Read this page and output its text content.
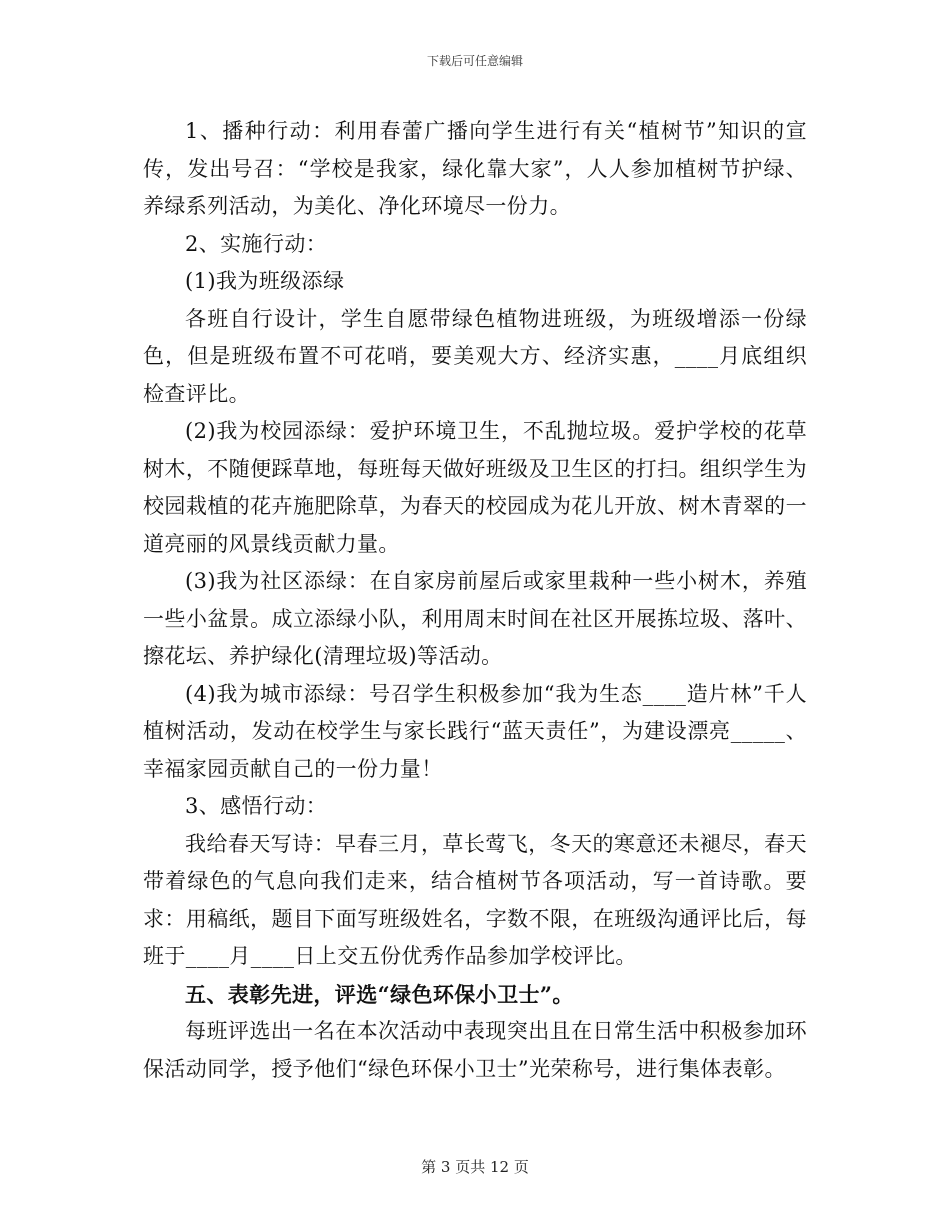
下载后可任意编辑

1、播种行动：利用春蕾广播向学生进行有关“植树节”知识的宣传，发出号召：“学校是我家，绿化靠大家”，人人参加植树节护绿、养绿系列活动，为美化、净化环境尽一份力。

2、实施行动：

(1)我为班级添绿

各班自行设计，学生自愿带绿色植物进班级，为班级增添一份绿色，但是班级布置不可花哨，要美观大方、经济实惠，____月底组织检查评比。

(2)我为校园添绿：爱护环境卫生，不乱抛垃圾。爱护学校的花草树木，不随便踩草地，每班每天做好班级及卫生区的打扫。组织学生为校园栽植的花卉施肥除草，为春天的校园成为花儿开放、树木青翠的一道亮丽的风景线贡献力量。

(3)我为社区添绿：在自家房前屋后或家里栽种一些小树木，养殖一些小盆景。成立添绿小队，利用周末时间在社区开展拣垃圾、落叶、擦花坛、养护绿化(清理垃圾)等活动。

(4)我为城市添绿：号召学生积极参加“我为生态____造片林”千人植树活动，发动在校学生与家长践行“蓝天责任”，为建设漂亮_____、幸福家园贡献自己的一份力量！

3、感悟行动：

我给春天写诗：早春三月，草长莺飞，冬天的寒意还未褪尽，春天带着绿色的气息向我们走来，结合植树节各项活动，写一首诗歌。要求：用稿纸，题目下面写班级姓名，字数不限，在班级沟通评比后，每班于____月____日上交五份优秀作品参加学校评比。

五、表彰先进，评选“绿色环保小卫士”。

每班评选出一名在本次活动中表现突出且在日常生活中积极参加环保活动同学，授予他们“绿色环保小卫士”光荣称号，进行集体表彰。

第 3 页共 12 页
